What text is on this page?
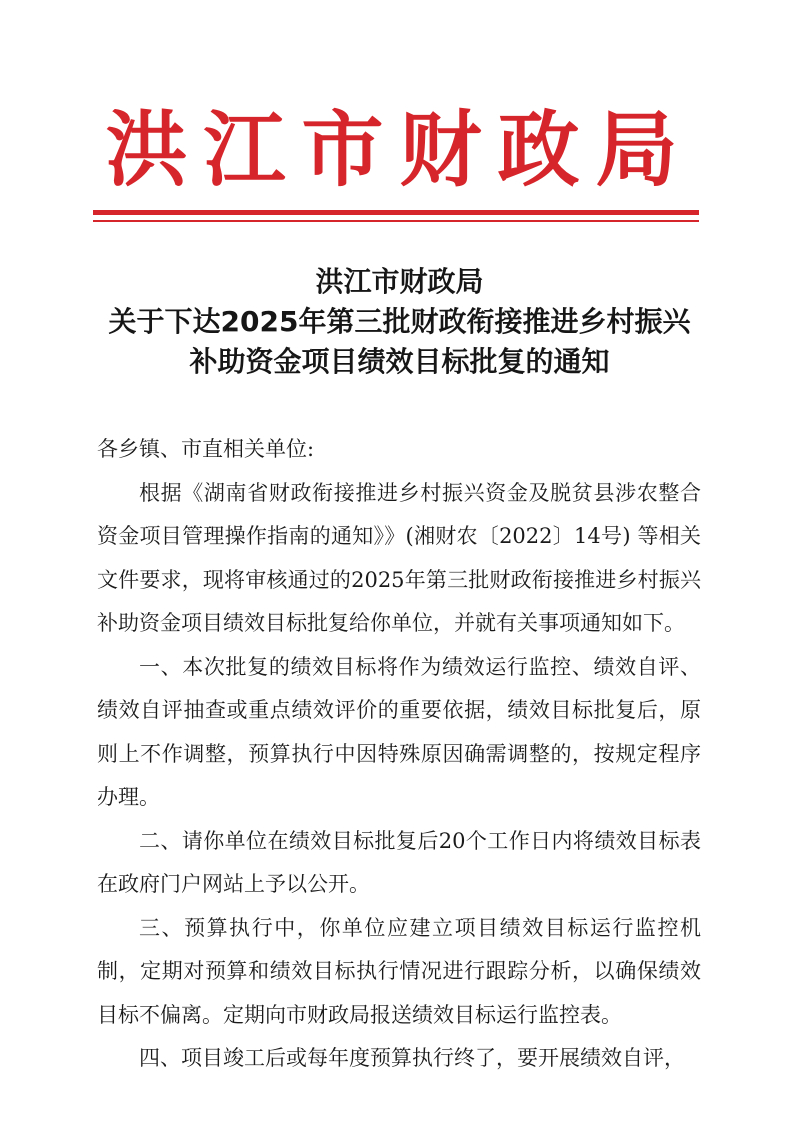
洪江市财政局
洪江市财政局
关于下达2025年第三批财政衔接推进乡村振兴
补助资金项目绩效目标批复的通知
各乡镇、市直相关单位:
根据《湖南省财政衔接推进乡村振兴资金及脱贫县涉农整合资金项目管理操作指南的通知》》(湘财农〔2022〕14号) 等相关文件要求，现将审核通过的2025年第三批财政衔接推进乡村振兴补助资金项目绩效目标批复给你单位，并就有关事项通知如下。
一、本次批复的绩效目标将作为绩效运行监控、绩效自评、绩效自评抽查或重点绩效评价的重要依据，绩效目标批复后，原则上不作调整，预算执行中因特殊原因确需调整的，按规定程序办理。
二、请你单位在绩效目标批复后20个工作日内将绩效目标表在政府门户网站上予以公开。
三、预算执行中，你单位应建立项目绩效目标运行监控机制，定期对预算和绩效目标执行情况进行跟踪分析，以确保绩效目标不偏离。定期向市财政局报送绩效目标运行监控表。
四、项目竣工后或每年度预算执行终了，要开展绩效自评，
